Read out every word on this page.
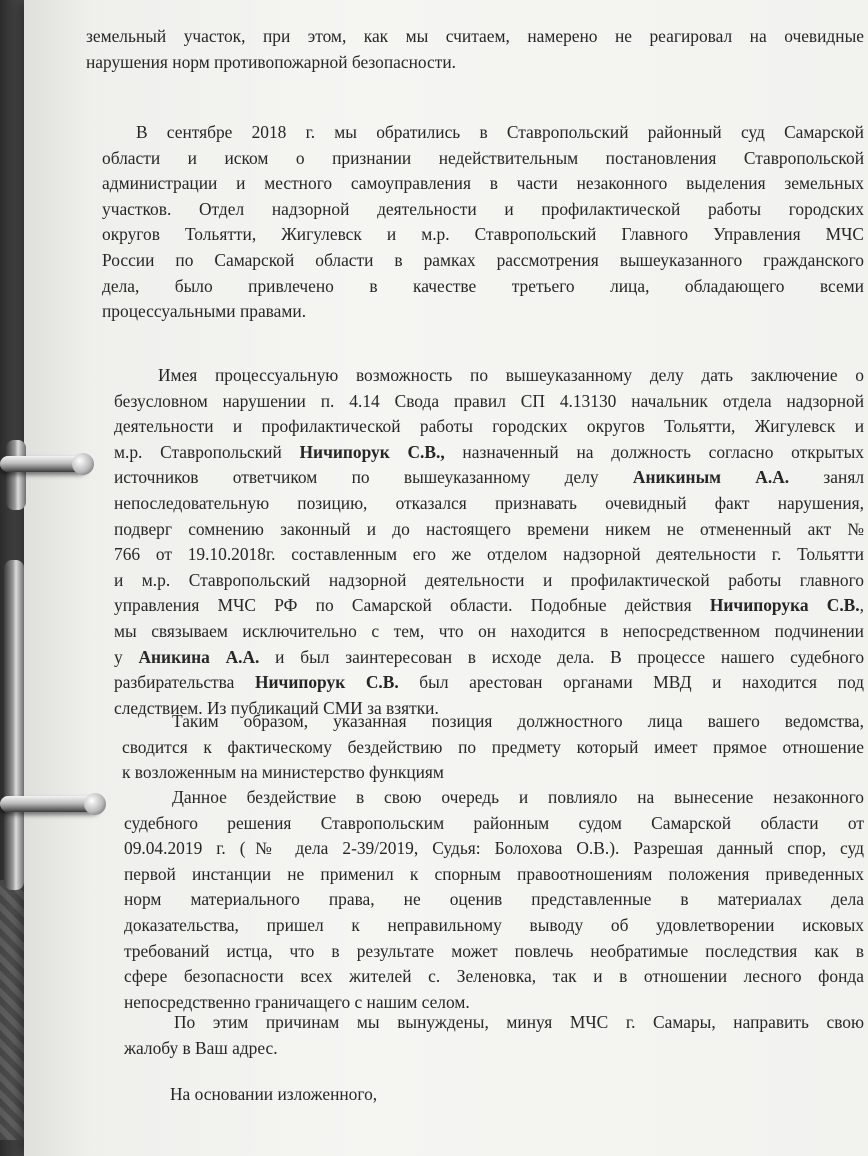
земельный участок, при этом, как мы считаем, намерено не реагировал на очевидные
нарушения норм противопожарной безопасности.
В сентябре 2018 г. мы обратились в Ставропольский районный суд Самарской
области и иском о признании недействительным постановления Ставропольской
администрации и местного самоуправления в части незаконного выделения земельных
участков. Отдел надзорной деятельности и профилактической работы городских
округов Тольятти, Жигулевск и м.р. Ставропольский Главного Управления МЧС
России по Самарской области в рамках рассмотрения вышеуказанного гражданского
дела, было привлечено в качестве третьего лица, обладающего всеми
процессуальными правами.
Имея процессуальную возможность по вышеуказанному делу дать заключение о
безусловном нарушении п. 4.14 Свода правил СП 4.13130 начальник отдела надзорной
деятельности и профилактической работы городских округов Тольятти, Жигулевск и
м.р. Ставропольский Ничипорук С.В., назначенный на должность согласно открытых
источников ответчиком по вышеуказанному делу Аникиным А.А. занял
непоследовательную позицию, отказался признавать очевидный факт нарушения,
подверг сомнению законный и до настоящего времени никем не отмененный акт №
766 от 19.10.2018г. составленным его же отделом надзорной деятельности г. Тольятти
и м.р. Ставропольский надзорной деятельности и профилактической работы главного
управления МЧС РФ по Самарской области. Подобные действия Ничипорука С.В.,
мы связываем исключительно с тем, что он находится в непосредственном подчинении
у Аникина А.А. и был заинтересован в исходе дела. В процессе нашего судебного
разбирательства Ничипорук С.В. был арестован органами МВД и находится под
следствием. Из публикаций СМИ за взятки.
Таким образом, указанная позиция должностного лица вашего ведомства,
сводится к фактическому бездействию по предмету который имеет прямое отношение
к возложенным на министерство функциям
Данное бездействие в свою очередь и повлияло на вынесение незаконного
судебного решения Ставропольским районным судом Самарской области от
09.04.2019 г. (№ дела 2-39/2019, Судья: Болохова О.В.). Разрешая данный спор, суд
первой инстанции не применил к спорным правоотношениям положения приведенных
норм материального права, не оценив представленные в материалах дела
доказательства, пришел к неправильному выводу об удовлетворении исковых
требований истца, что в результате может повлечь необратимые последствия как в
сфере безопасности всех жителей с. Зеленовка, так и в отношении лесного фонда
непосредственно граничащего с нашим селом.
По этим причинам мы вынуждены, минуя МЧС г. Самары, направить свою
жалобу в Ваш адрес.
На основании изложенного,
